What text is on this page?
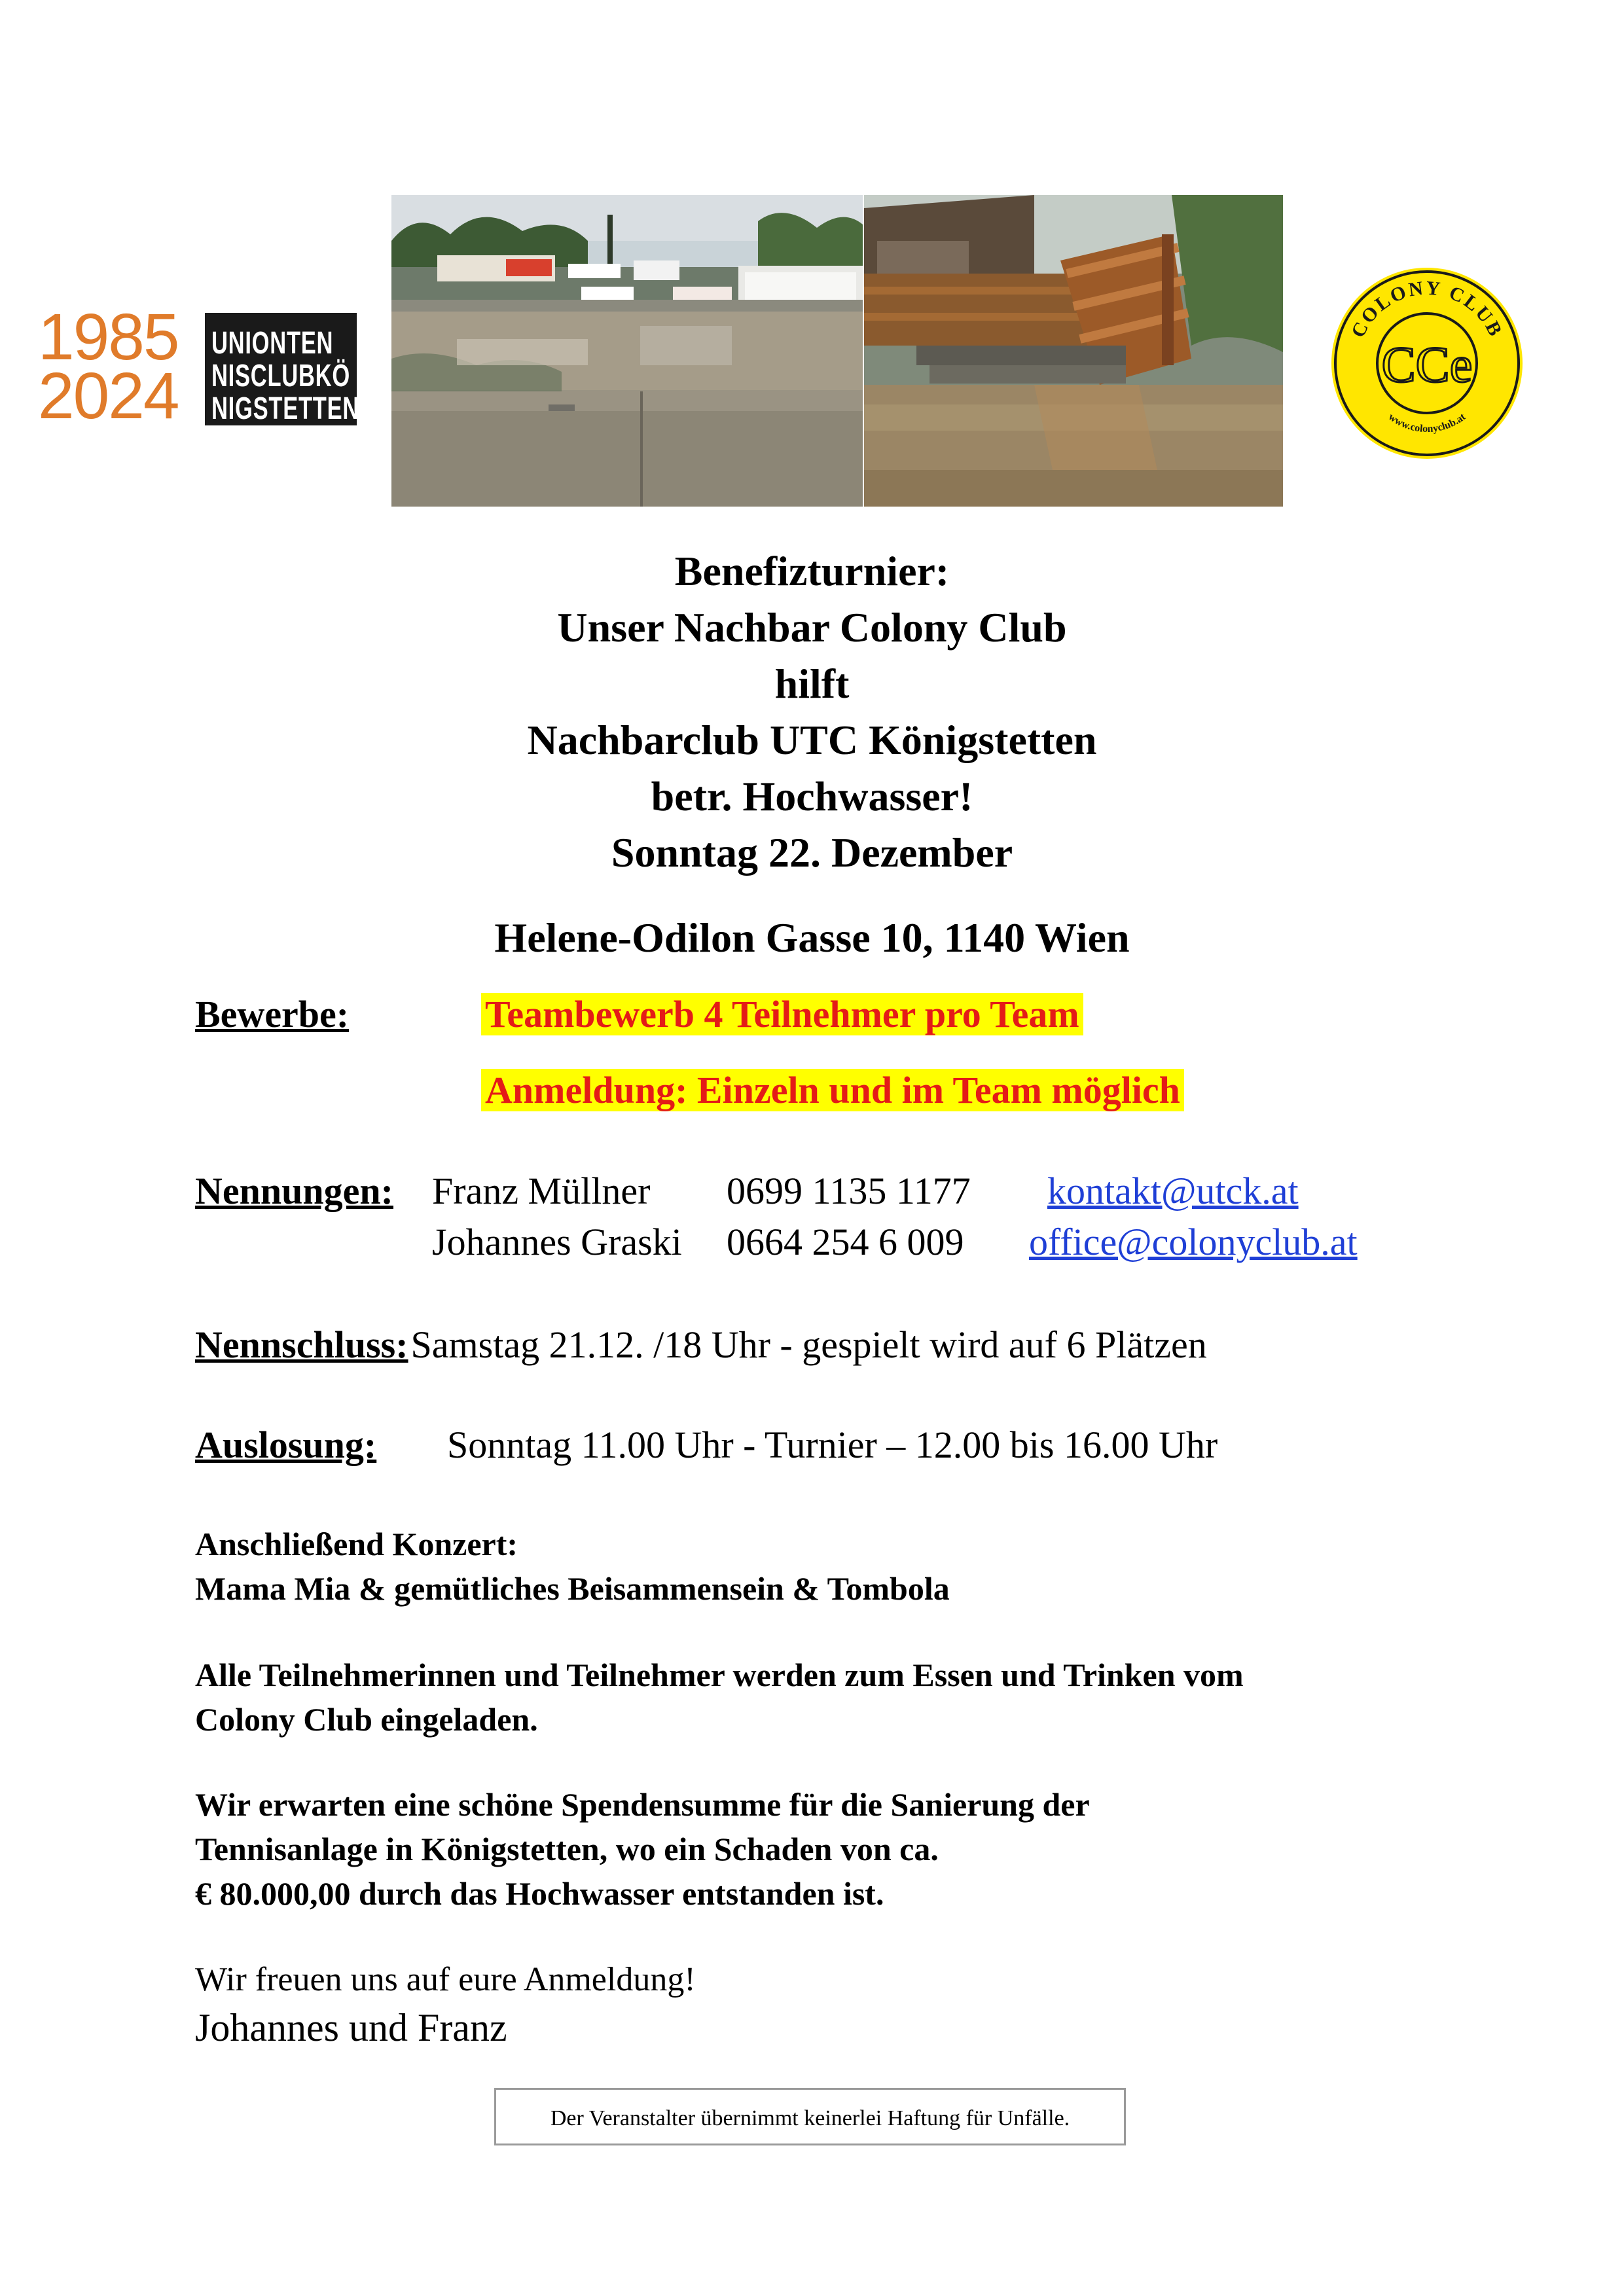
1985
2024
UNIONTEN
NISCLUBKÖ
NIGSTETTEN
COLONY CLUB
www.colonyclub.at
CCe
Benefizturnier:
Unser Nachbar Colony Club
hilft
Nachbarclub UTC Königstetten
betr. Hochwasser!
Sonntag 22. Dezember
Helene-Odilon Gasse 10, 1140 Wien
Bewerbe:	Teambewerb 4 Teilnehmer pro Team
Anmeldung: Einzeln und im Team möglich
Nennungen: Franz Müllner 0699 1135 1177 kontakt@utck.at
Johannes Graski 0664 254 6 009 office@colonyclub.at
Nennschluss: Samstag 21.12. /18 Uhr - gespielt wird auf 6 Plätzen
Auslosung: Sonntag 11.00 Uhr - Turnier – 12.00 bis 16.00 Uhr
Anschließend Konzert:
Mama Mia & gemütliches Beisammensein & Tombola
Alle Teilnehmerinnen und Teilnehmer werden zum Essen und Trinken vom
Colony Club eingeladen.
Wir erwarten eine schöne Spendensumme für die Sanierung der
Tennisanlage in Königstetten, wo ein Schaden von ca.
€ 80.000,00 durch das Hochwasser entstanden ist.
Wir freuen uns auf eure Anmeldung!
Johannes und Franz
Der Veranstalter übernimmt keinerlei Haftung für Unfälle.
